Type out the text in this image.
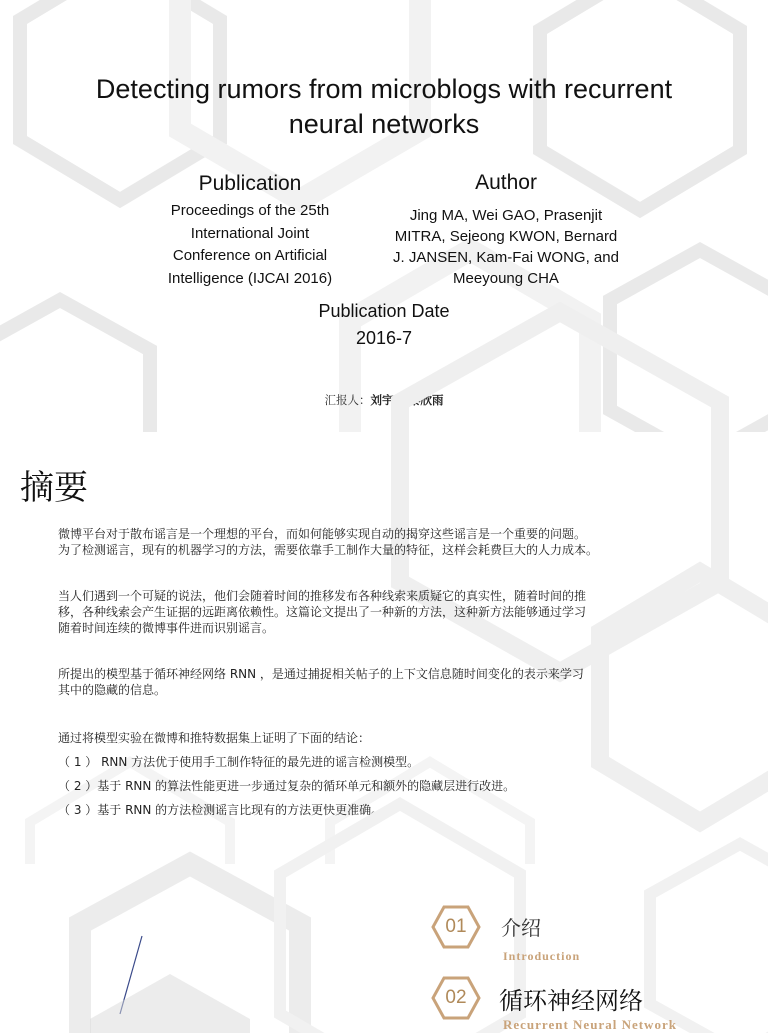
Detecting rumors from microblogs with recurrent
neural networks
Publication
Proceedings of the 25th
International Joint
Conference on Artificial
Intelligence (IJCAI 2016)
Author
Jing MA, Wei GAO, Prasenjit
MITRA, Sejeong KWON, Bernard
J. JANSEN, Kam-Fai WONG, and
Meeyoung CHA
Publication Date
2016-7
汇报人：刘宇聪 黎欣雨
摘要
微博平台对于散布谣言是一个理想的平台，而如何能够实现自动的揭穿这些谣言是一个重要的问题。
为了检测谣言，现有的机器学习的方法，需要依靠手工制作大量的特征，这样会耗费巨大的人力成本。
当人们遇到一个可疑的说法，他们会随着时间的推移发布各种线索来质疑它的真实性，随着时间的推
移，各种线索会产生证据的远距离依赖性。这篇论文提出了一种新的方法，这种新方法能够通过学习
随着时间连续的微博事件进而识别谣言。
所提出的模型基于循环神经网络 RNN ，是通过捕捉相关帖子的上下文信息随时间变化的表示来学习
其中的隐藏的信息。
通过将模型实验在微博和推特数据集上证明了下面的结论：
（ 1 ） RNN 方法优于使用手工制作特征的最先进的谣言检测模型。
（ 2 ）基于 RNN 的算法性能更进一步通过复杂的循环单元和额外的隐藏层进行改进。
（ 3 ）基于 RNN 的方法检测谣言比现有的方法更快更准确。
01	介绍
Introduction
02	循环神经网络
Recurrent Neural Network
